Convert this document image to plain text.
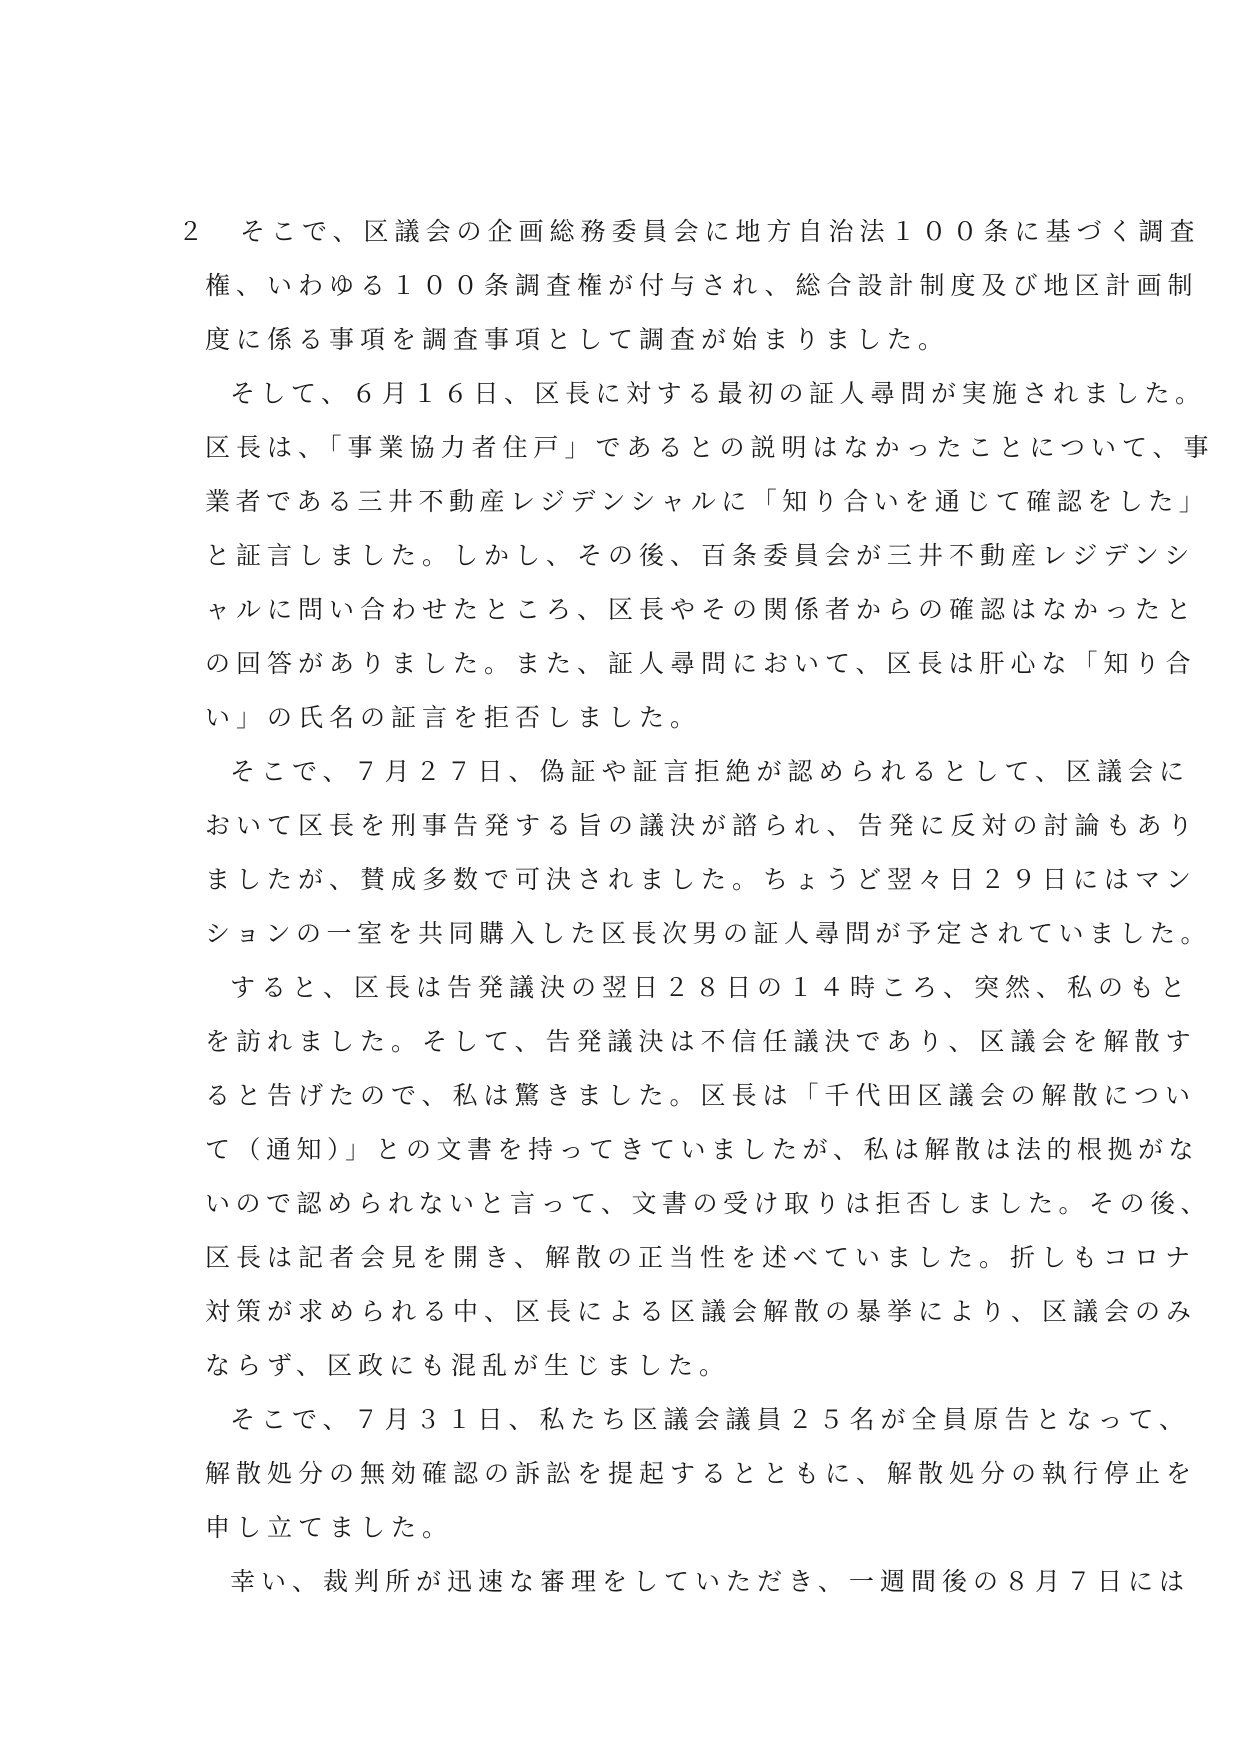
２　そこで、区議会の企画総務委員会に地方自治法１００条に基づく調査
権、いわゆる１００条調査権が付与され、総合設計制度及び地区計画制
度に係る事項を調査事項として調査が始まりました。
そして、６月１６日、区長に対する最初の証人尋問が実施されました。
区長は、「事業協力者住戸」であるとの説明はなかったことについて、事
業者である三井不動産レジデンシャルに「知り合いを通じて確認をした」
と証言しました。しかし、その後、百条委員会が三井不動産レジデンシ
ャルに問い合わせたところ、区長やその関係者からの確認はなかったと
の回答がありました。また、証人尋問において、区長は肝心な「知り合
い」の氏名の証言を拒否しました。
そこで、７月２７日、偽証や証言拒絶が認められるとして、区議会に
おいて区長を刑事告発する旨の議決が諮られ、告発に反対の討論もあり
ましたが、賛成多数で可決されました。ちょうど翌々日２９日にはマン
ションの一室を共同購入した区長次男の証人尋問が予定されていました。
すると、区長は告発議決の翌日２８日の１４時ころ、突然、私のもと
を訪れました。そして、告発議決は不信任議決であり、区議会を解散す
ると告げたので、私は驚きました。区長は「千代田区議会の解散につい
て（通知）」との文書を持ってきていましたが、私は解散は法的根拠がな
いので認められないと言って、文書の受け取りは拒否しました。その後、
区長は記者会見を開き、解散の正当性を述べていました。折しもコロナ
対策が求められる中、区長による区議会解散の暴挙により、区議会のみ
ならず、区政にも混乱が生じました。
そこで、７月３１日、私たち区議会議員２５名が全員原告となって、
解散処分の無効確認の訴訟を提起するとともに、解散処分の執行停止を
申し立てました。
幸い、裁判所が迅速な審理をしていただき、一週間後の８月７日には
